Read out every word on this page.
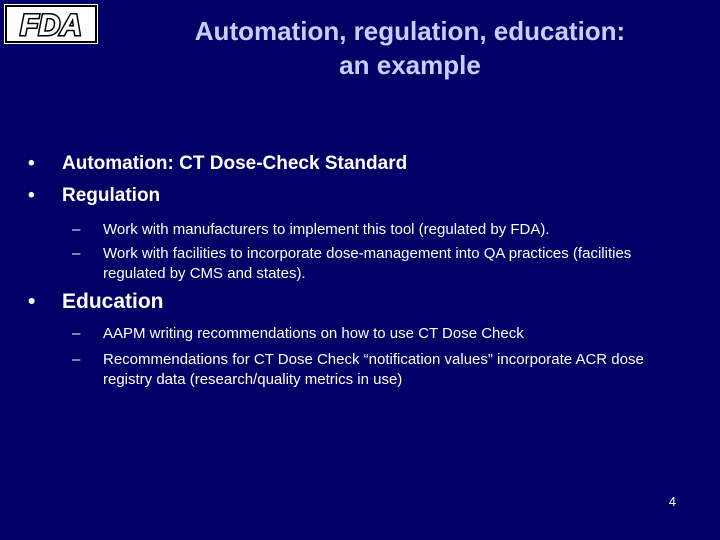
FDA	Automation, regulation, education:
an example
• Automation: CT Dose-Check Standard
• Regulation
– Work with manufacturers to implement this tool (regulated by FDA).
– Work with facilities to incorporate dose-management into QA practices (facilities regulated by CMS and states).
• Education
– AAPM writing recommendations on how to use CT Dose Check
– Recommendations for CT Dose Check “notification values” incorporate ACR dose registry data (research/quality metrics in use)
4
